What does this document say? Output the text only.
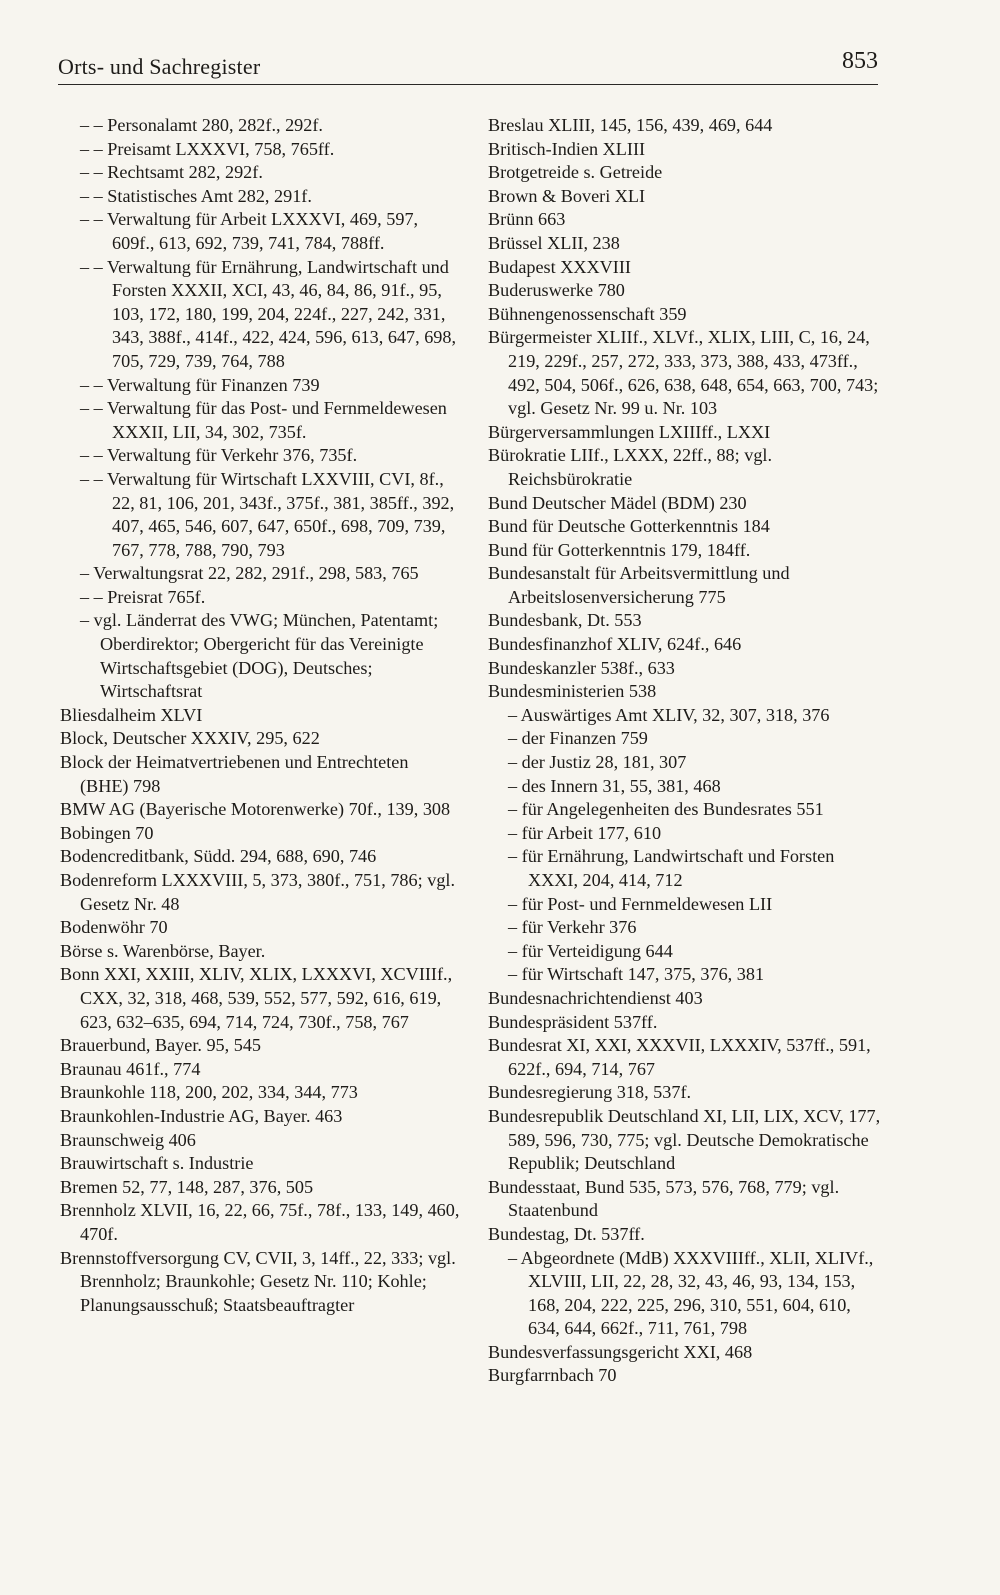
Orts- und Sachregister	853
– – Personalamt 280, 282f., 292f.
– – Preisamt LXXXVI, 758, 765ff.
– – Rechtsamt 282, 292f.
– – Statistisches Amt 282, 291f.
– – Verwaltung für Arbeit LXXXVI, 469, 597, 609f., 613, 692, 739, 741, 784, 788ff.
– – Verwaltung für Ernährung, Landwirtschaft und Forsten XXXII, XCI, 43, 46, 84, 86, 91f., 95, 103, 172, 180, 199, 204, 224f., 227, 242, 331, 343, 388f., 414f., 422, 424, 596, 613, 647, 698, 705, 729, 739, 764, 788
– – Verwaltung für Finanzen 739
– – Verwaltung für das Post- und Fernmeldewesen XXXII, LII, 34, 302, 735f.
– – Verwaltung für Verkehr 376, 735f.
– – Verwaltung für Wirtschaft LXXVIII, CVI, 8f., 22, 81, 106, 201, 343f., 375f., 381, 385ff., 392, 407, 465, 546, 607, 647, 650f., 698, 709, 739, 767, 778, 788, 790, 793
– Verwaltungsrat 22, 282, 291f., 298, 583, 765
– – Preisrat 765f.
– vgl. Länderrat des VWG; München, Patentamt; Oberdirektor; Obergericht für das Vereinigte Wirtschaftsgebiet (DOG), Deutsches; Wirtschaftsrat
Bliesdalheim XLVI
Block, Deutscher XXXIV, 295, 622
Block der Heimatvertriebenen und Entrechteten (BHE) 798
BMW AG (Bayerische Motorenwerke) 70f., 139, 308
Bobingen 70
Bodencreditbank, Südd. 294, 688, 690, 746
Bodenreform LXXXVIII, 5, 373, 380f., 751, 786; vgl. Gesetz Nr. 48
Bodenwöhr 70
Börse s. Warenbörse, Bayer.
Bonn XXI, XXIII, XLIV, XLIX, LXXXVI, XCVIIIf., CXX, 32, 318, 468, 539, 552, 577, 592, 616, 619, 623, 632–635, 694, 714, 724, 730f., 758, 767
Brauerbund, Bayer. 95, 545
Braunau 461f., 774
Braunkohle 118, 200, 202, 334, 344, 773
Braunkohlen-Industrie AG, Bayer. 463
Braunschweig 406
Brauwirtschaft s. Industrie
Bremen 52, 77, 148, 287, 376, 505
Brennholz XLVII, 16, 22, 66, 75f., 78f., 133, 149, 460, 470f.
Brennstoffversorgung CV, CVII, 3, 14ff., 22, 333; vgl. Brennholz; Braunkohle; Gesetz Nr. 110; Kohle; Planungsausschuß; Staatsbeauftragter
Breslau XLIII, 145, 156, 439, 469, 644
Britisch-Indien XLIII
Brotgetreide s. Getreide
Brown & Boveri XLI
Brünn 663
Brüssel XLII, 238
Budapest XXXVIII
Buderuswerke 780
Bühnengenossenschaft 359
Bürgermeister XLIIf., XLVf., XLIX, LIII, C, 16, 24, 219, 229f., 257, 272, 333, 373, 388, 433, 473ff., 492, 504, 506f., 626, 638, 648, 654, 663, 700, 743; vgl. Gesetz Nr. 99 u. Nr. 103
Bürgerversammlungen LXIIIff., LXXI
Bürokratie LIIf., LXXX, 22ff., 88; vgl. Reichsbürokratie
Bund Deutscher Mädel (BDM) 230
Bund für Deutsche Gotterkenntnis 184
Bund für Gotterkenntnis 179, 184ff.
Bundesanstalt für Arbeitsvermittlung und Arbeitslosenversicherung 775
Bundesbank, Dt. 553
Bundesfinanzhof XLIV, 624f., 646
Bundeskanzler 538f., 633
Bundesministerien 538
– Auswärtiges Amt XLIV, 32, 307, 318, 376
– der Finanzen 759
– der Justiz 28, 181, 307
– des Innern 31, 55, 381, 468
– für Angelegenheiten des Bundesrates 551
– für Arbeit 177, 610
– für Ernährung, Landwirtschaft und Forsten XXXI, 204, 414, 712
– für Post- und Fernmeldewesen LII
– für Verkehr 376
– für Verteidigung 644
– für Wirtschaft 147, 375, 376, 381
Bundesnachrichtendienst 403
Bundespräsident 537ff.
Bundesrat XI, XXI, XXXVII, LXXXIV, 537ff., 591, 622f., 694, 714, 767
Bundesregierung 318, 537f.
Bundesrepublik Deutschland XI, LII, LIX, XCV, 177, 589, 596, 730, 775; vgl. Deutsche Demokratische Republik; Deutschland
Bundesstaat, Bund 535, 573, 576, 768, 779; vgl. Staatenbund
Bundestag, Dt. 537ff.
– Abgeordnete (MdB) XXXVIIIff., XLII, XLIVf., XLVIII, LII, 22, 28, 32, 43, 46, 93, 134, 153, 168, 204, 222, 225, 296, 310, 551, 604, 610, 634, 644, 662f., 711, 761, 798
Bundesverfassungsgericht XXI, 468
Burgfarrnbach 70
